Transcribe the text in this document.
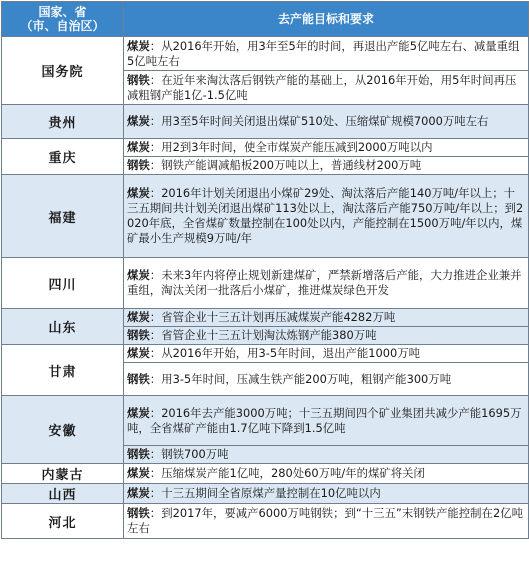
国家、省
（市、自治区）	去产能目标和要求
国务院	煤炭：从2016年开始，用3年至5年的时间，再退出产能5亿吨左右、减量重组5亿吨左右
	钢铁：在近年来淘汰落后钢铁产能的基础上，从2016年开始，用5年时间再压减粗钢产能1亿-1.5亿吨
贵州	煤炭：用3至5年时间关闭退出煤矿510处、压缩煤矿规模7000万吨左右
重庆	煤炭：用2到3年时间，使全市煤炭产能压减到2000万吨以内
	钢铁：钢铁产能调减船板200万吨以上，普通线材200万吨
福建	煤炭：2016年计划关闭退出小煤矿29处、淘汰落后产能140万吨/年以上；十三五期间共计划关闭退出煤矿113处以上，淘汰落后产能750万吨/年以上；到2020年底，全省煤矿数量控制在100处以内，产能控制在1500万吨/年以内，煤矿最小生产规模9万吨/年
四川	煤炭：未来3年内将停止规划新建煤矿，严禁新增落后产能，大力推进企业兼并重组，淘汰关闭一批落后小煤矿，推进煤炭绿色开发
山东	煤炭：省管企业十三五计划再压减煤炭产能4282万吨
	钢铁：省管企业十三五计划淘汰炼钢产能380万吨
甘肃	煤炭：从2016年开始，用3-5年时间，退出产能1000万吨
	钢铁：用3-5年时间，压减生铁产能200万吨，粗钢产能300万吨
安徽	煤炭：2016年去产能3000万吨；十三五期间四个矿业集团共减少产能1695万吨，全省煤矿产能由1.7亿吨下降到1.5亿吨
	钢铁：钢铁700万吨
内蒙古	煤炭：压缩煤炭产能1亿吨，280处60万吨/年的煤矿将关闭
山西	煤炭：十三五期间全省原煤产量控制在10亿吨以内
河北	钢铁：到2017年，要减产6000万吨钢铁；到“十三五”末钢铁产能控制在2亿吨左右
